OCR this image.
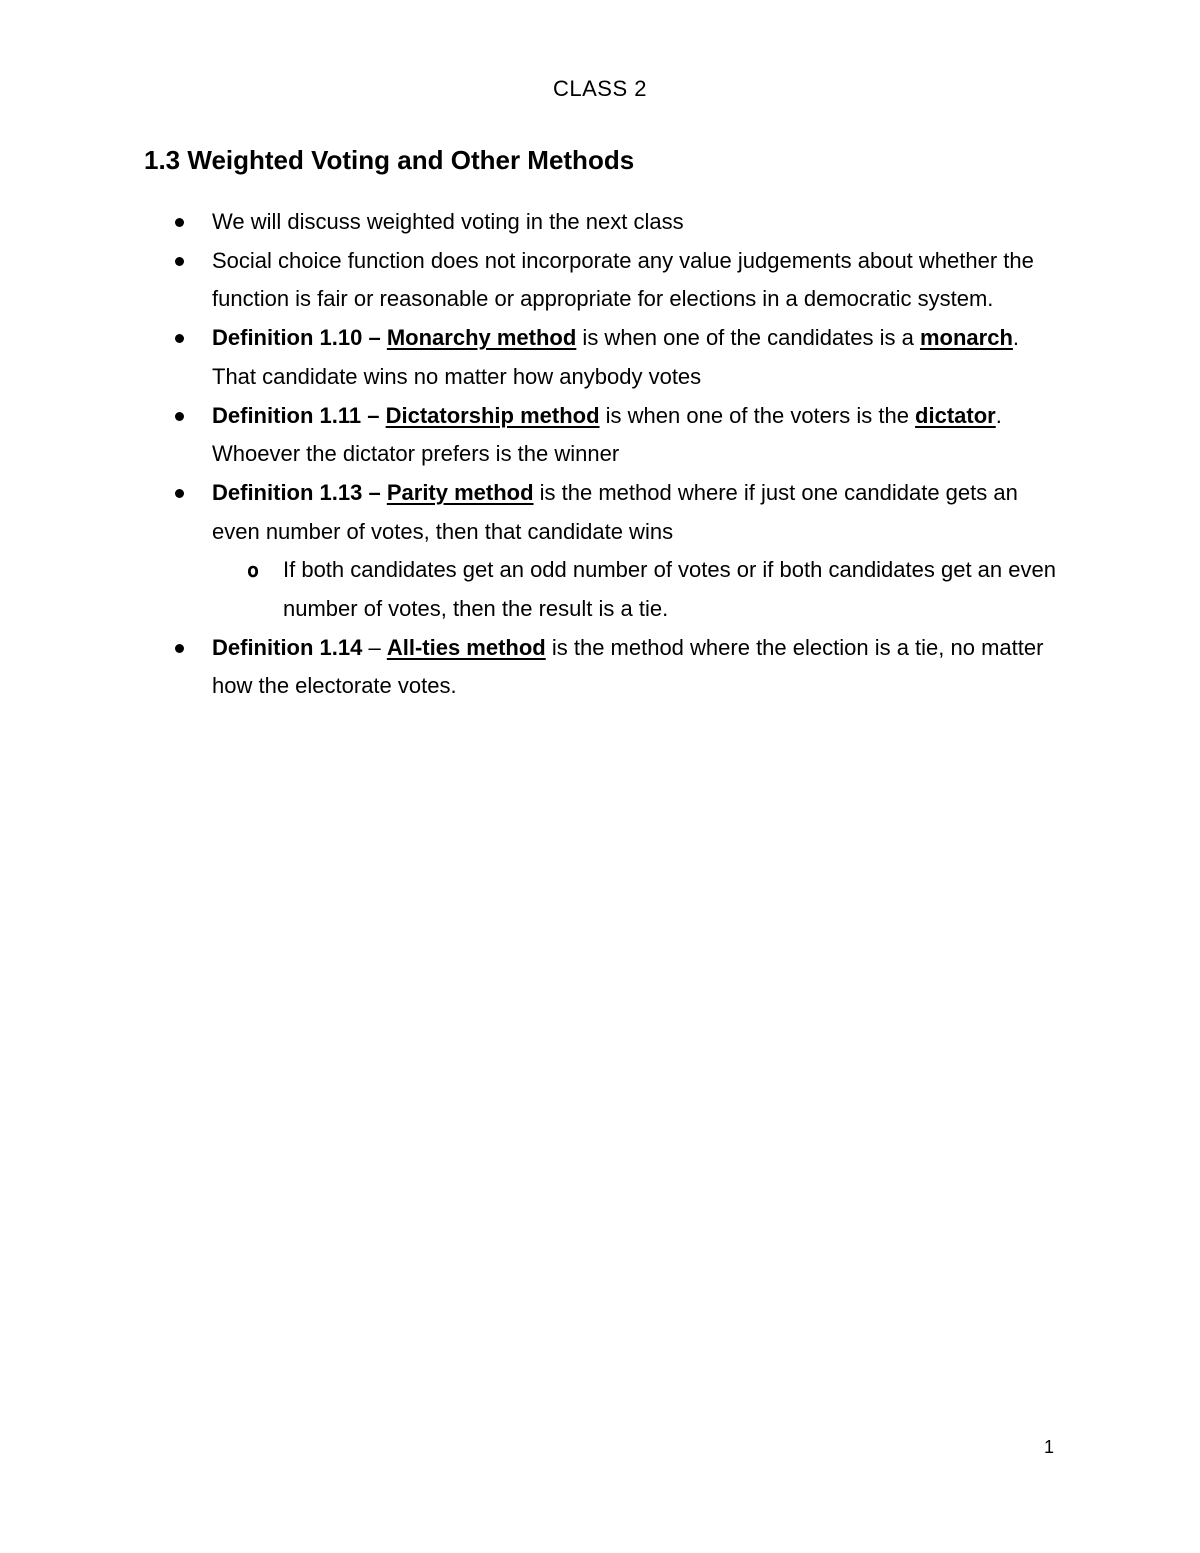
CLASS 2
1.3 Weighted Voting and Other Methods
We will discuss weighted voting in the next class
Social choice function does not incorporate any value judgements about whether the function is fair or reasonable or appropriate for elections in a democratic system.
Definition 1.10 – Monarchy method is when one of the candidates is a monarch. That candidate wins no matter how anybody votes
Definition 1.11 – Dictatorship method is when one of the voters is the dictator. Whoever the dictator prefers is the winner
Definition 1.13 – Parity method is the method where if just one candidate gets an even number of votes, then that candidate wins
o If both candidates get an odd number of votes or if both candidates get an even number of votes, then the result is a tie.
Definition 1.14 – All-ties method is the method where the election is a tie, no matter how the electorate votes.
1
